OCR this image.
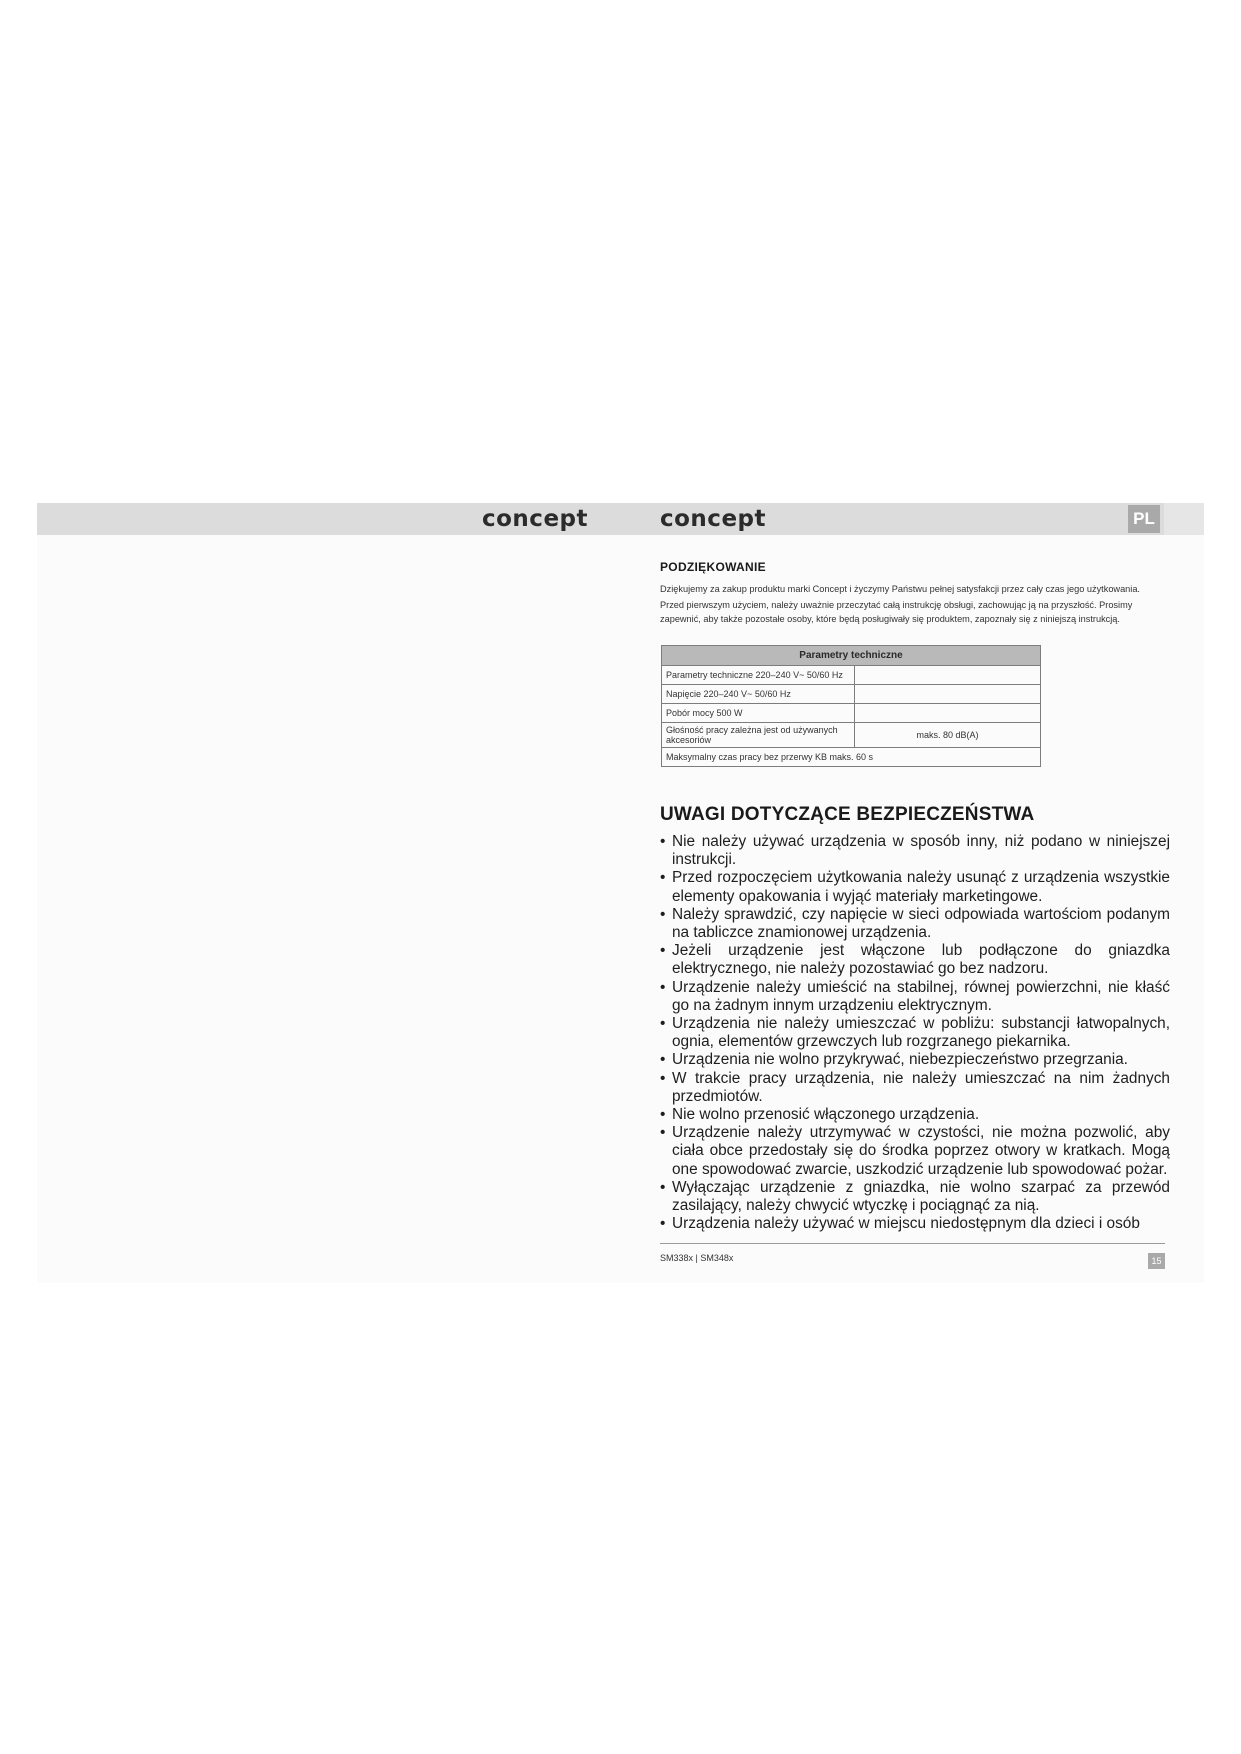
concept	concept	PL
PODZIĘKOWANIE

Dziękujemy za zakup produktu marki Concept i życzymy Państwu pełnej satysfakcji przez cały czas jego użytkowania.

Przed pierwszym użyciem, należy uważnie przeczytać całą instrukcję obsługi, zachowując ją na przyszłość. Prosimy zapewnić, aby także pozostałe osoby, które będą posługiwały się produktem, zapoznały się z niniejszą instrukcją.

Parametry techniczne	
Parametry techniczne 220–240 V~ 50/60 Hz	
Napięcie 220–240 V~ 50/60 Hz	
Pobór mocy 500 W	
Głośność pracy zależna jest od używanych akcesoriów	maks. 80 dB(A)
Maksymalny czas pracy bez przerwy KB maks. 60 s	
UWAGI DOTYCZĄCE BEZPIECZEŃSTWA
• Nie należy używać urządzenia w sposób inny, niż podano w niniejszej instrukcji.
• Przed rozpoczęciem użytkowania należy usunąć z urządzenia wszystkie elementy opakowania i wyjąć materiały marketingowe.
• Należy sprawdzić, czy napięcie w sieci odpowiada wartościom podanym na tabliczce znamionowej urządzenia.
• Jeżeli urządzenie jest włączone lub podłączone do gniazdka elektrycznego, nie należy pozostawiać go bez nadzoru.
• Urządzenie należy umieścić na stabilnej, równej powierzchni, nie kłaść go na żadnym innym urządzeniu elektrycznym.
• Urządzenia nie należy umieszczać w pobliżu: substancji łatwopalnych, ognia, elementów grzewczych lub rozgrzanego piekarnika.
• Urządzenia nie wolno przykrywać, niebezpieczeństwo przegrzania.
• W trakcie pracy urządzenia, nie należy umieszczać na nim żadnych przedmiotów.
• Nie wolno przenosić włączonego urządzenia.
• Urządzenie należy utrzymywać w czystości, nie można pozwolić, aby ciała obce przedostały się do środka poprzez otwory w kratkach. Mogą one spowodować zwarcie, uszkodzić urządzenie lub spowodować pożar.
• Wyłączając urządzenie z gniazdka, nie wolno szarpać za przewód zasilający, należy chwycić wtyczkę i pociągnąć za nią.
• Urządzenia należy używać w miejscu niedostępnym dla dzieci i osób
SM338x | SM348x	15
